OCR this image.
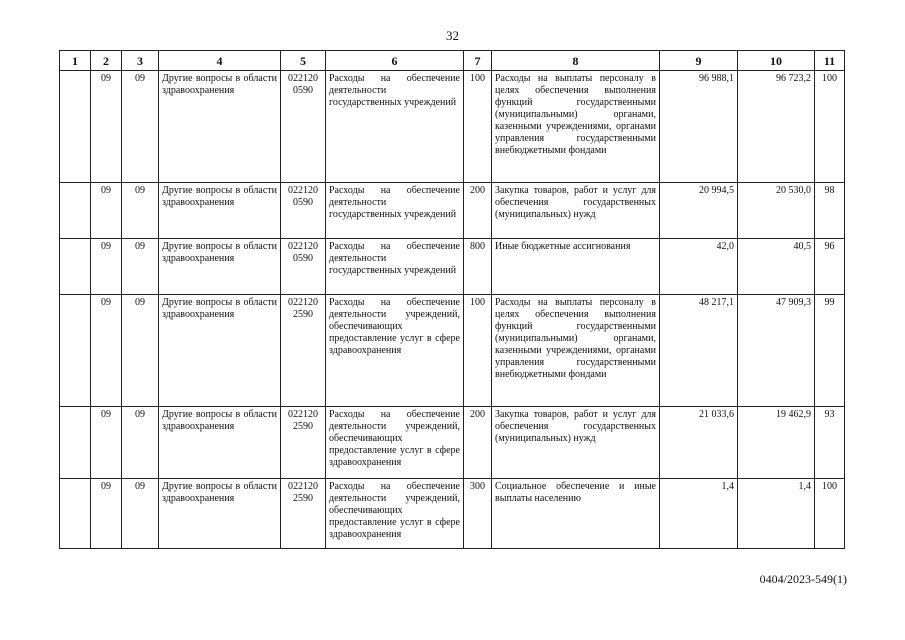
32
1	2	3	4	5	6	7	8	9	10	11
	09	09	Другие вопросы в области здравоохранения	022120 0590	Расходы на обеспечение деятельности государственных учреждений	100	Расходы на выплаты персоналу в целях обеспечения выполнения функций государственными (муниципальными) органами, казенными учреждениями, органами управления государственными внебюджетными фондами	96 988,1	96 723,2	100
	09	09	Другие вопросы в области здравоохранения	022120 0590	Расходы на обеспечение деятельности государственных учреждений	200	Закупка товаров, работ и услуг для обеспечения государственных (муниципальных) нужд	20 994,5	20 530,0	98
	09	09	Другие вопросы в области здравоохранения	022120 0590	Расходы на обеспечение деятельности государственных учреждений	800	Иные бюджетные ассигнования	42,0	40,5	96
	09	09	Другие вопросы в области здравоохранения	022120 2590	Расходы на обеспечение деятельности учреждений, обеспечивающих предоставление услуг в сфере здравоохранения	100	Расходы на выплаты персоналу в целях обеспечения выполнения функций государственными (муниципальными) органами, казенными учреждениями, органами управления государственными внебюджетными фондами	48 217,1	47 909,3	99
	09	09	Другие вопросы в области здравоохранения	022120 2590	Расходы на обеспечение деятельности учреждений, обеспечивающих предоставление услуг в сфере здравоохранения	200	Закупка товаров, работ и услуг для обеспечения государственных (муниципальных) нужд	21 033,6	19 462,9	93
	09	09	Другие вопросы в области здравоохранения	022120 2590	Расходы на обеспечение деятельности учреждений, обеспечивающих предоставление услуг в сфере здравоохранения	300	Социальное обеспечение и иные выплаты населению	1,4	1,4	100
0404/2023-549(1)
